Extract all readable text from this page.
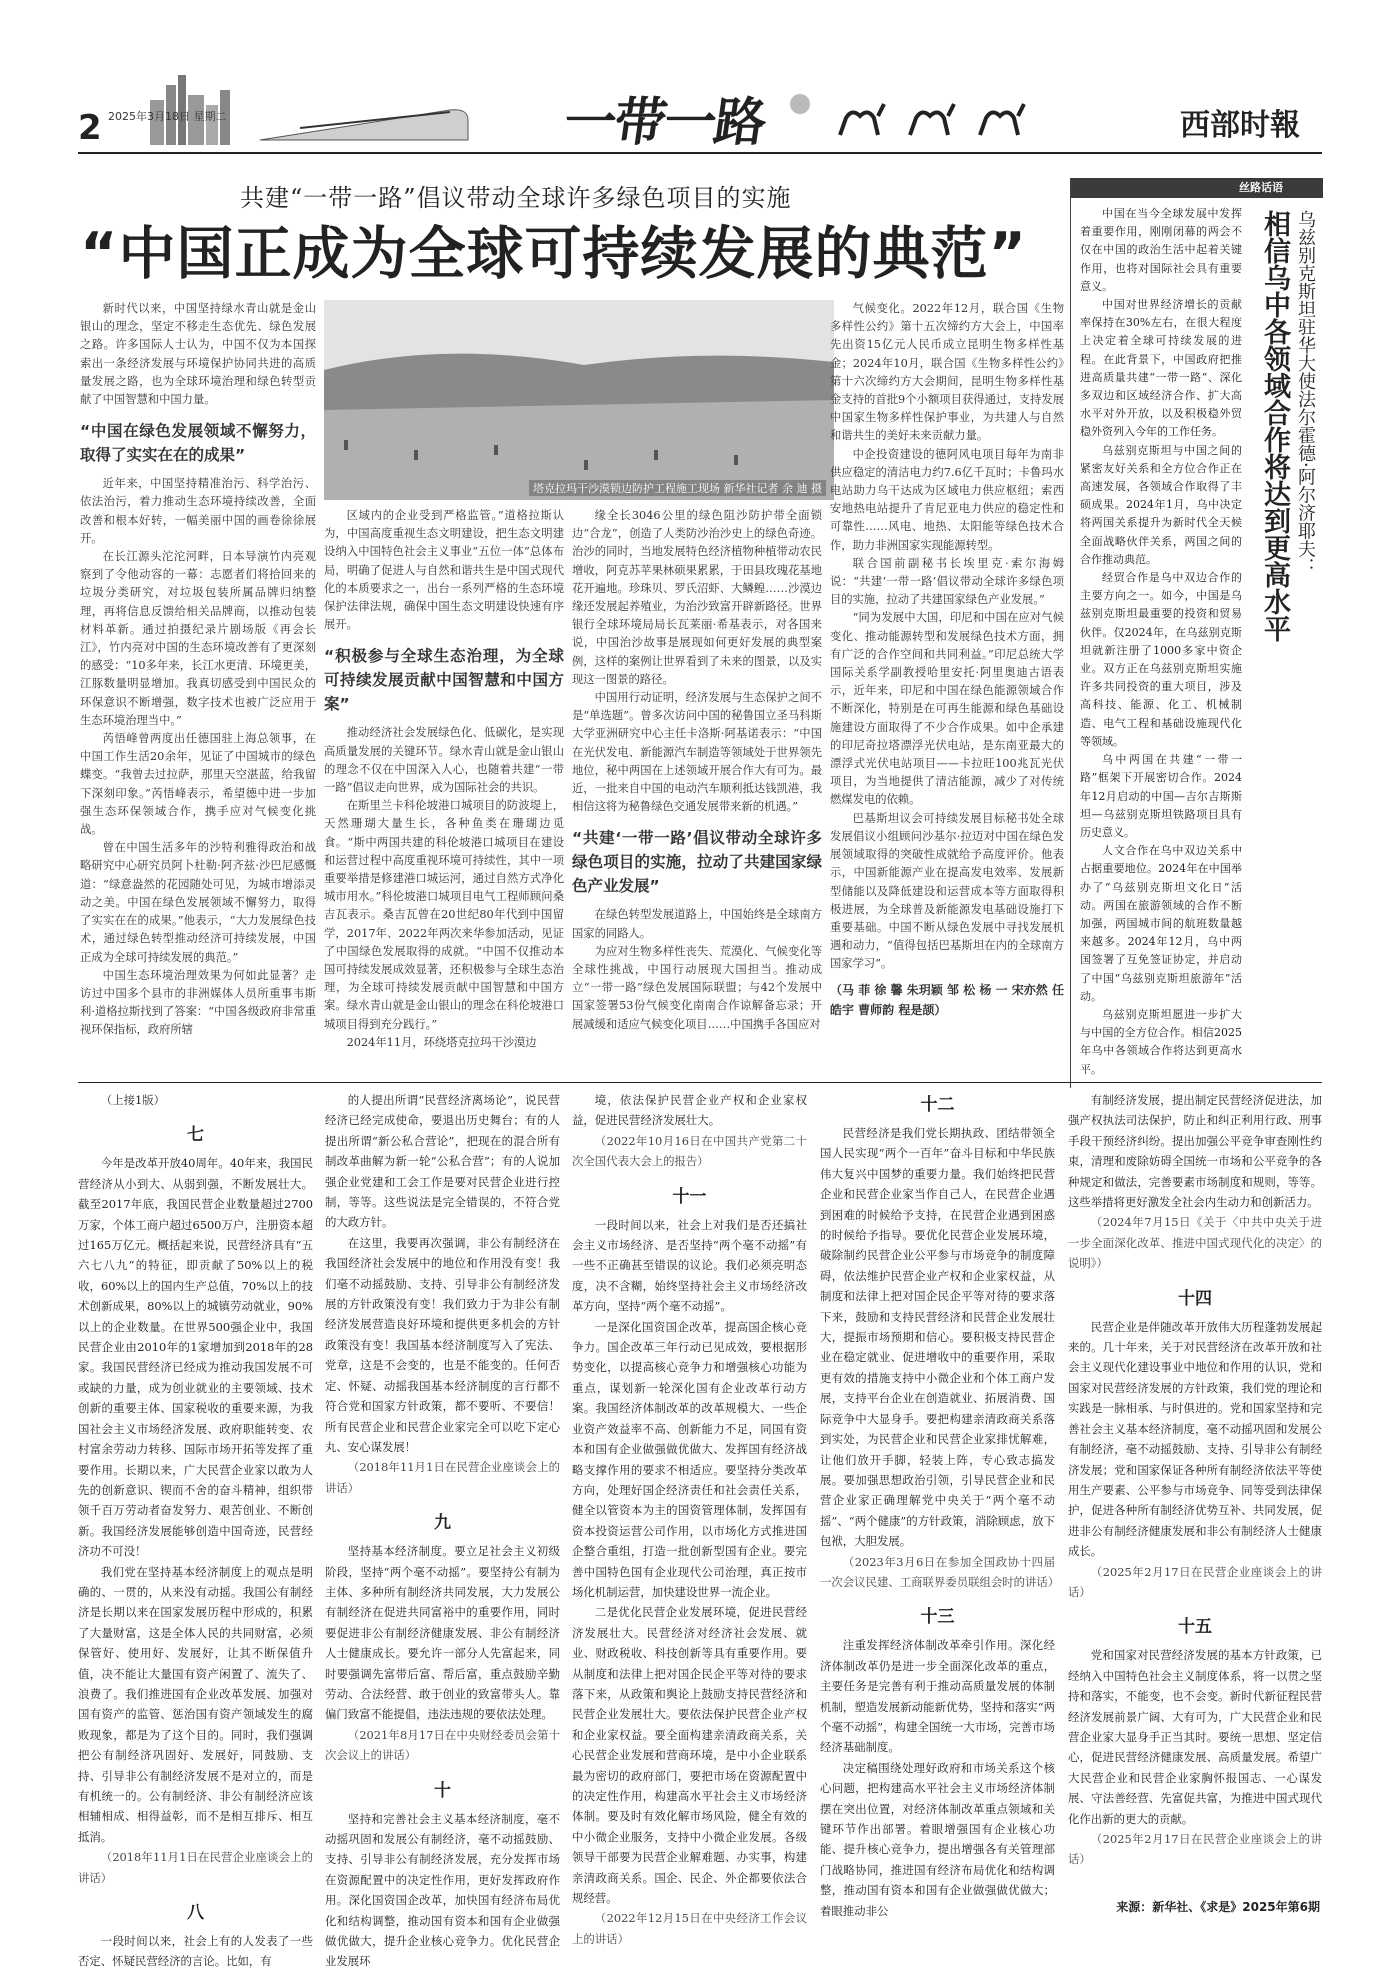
2 2025年3月18日 星期二	一带一路	西部时報
共建“一带一路”倡议带动全球许多绿色项目的实施
“中国正成为全球可持续发展的典范”
塔克拉玛干沙漠锁边防护工程施工现场 新华社记者 余 迪 摄

新时代以来，中国坚持绿水青山就是金山银山的理念，坚定不移走生态优先、绿色发展之路。许多国际人士认为，中国不仅为本国探索出一条经济发展与环境保护协同共进的高质量发展之路，也为全球环境治理和绿色转型贡献了中国智慧和中国力量。

“中国在绿色发展领域不懈努力，取得了实实在在的成果”

近年来，中国坚持精准治污、科学治污、依法治污，着力推动生态环境持续改善，全面改善和根本好转，一幅美丽中国的画卷徐徐展开。

在长江源头沱沱河畔，日本导演竹内亮观察到了令他动容的一幕：志愿者们将拾回来的垃圾分类研究，对垃圾包装所属品牌归纳整理，再将信息反馈给相关品牌商，以推动包装材料革新。通过拍摄纪录片剧场版《再会长江》，竹内亮对中国的生态环境改善有了更深刻的感受：“10多年来，长江水更清、环境更美，江豚数量明显增加。我真切感受到中国民众的环保意识不断增强，数字技术也被广泛应用于生态环境治理当中。”

芮悟峰曾两度出任德国驻上海总领事，在中国工作生活20余年，见证了中国城市的绿色蝶变。“我曾去过拉萨，那里天空湛蓝，给我留下深刻印象。”芮悟峰表示，希望德中进一步加强生态环保领域合作，携手应对气候变化挑战。

曾在中国生活多年的沙特利雅得政治和战略研究中心研究员阿卜杜勒·阿齐兹·沙巴尼感慨道：“绿意盎然的花园随处可见，为城市增添灵动之美。中国在绿色发展领域不懈努力，取得了实实在在的成果。”他表示，“大力发展绿色技术，通过绿色转型推动经济可持续发展，中国正成为全球可持续发展的典范。”

中国生态环境治理效果为何如此显著？走访过中国多个县市的非洲媒体人员所重事韦斯利·道格拉斯找到了答案：“中国各级政府非常重视环保指标，政府所辖

区域内的企业受到严格监管。”道格拉斯认为，中国高度重视生态文明建设，把生态文明建设纳入中国特色社会主义事业“五位一体”总体布局，明确了促进人与自然和谐共生是中国式现代化的本质要求之一，出台一系列严格的生态环境保护法律法规，确保中国生态文明建设快速有序展开。

“积极参与全球生态治理，为全球可持续发展贡献中国智慧和中国方案”

推动经济社会发展绿色化、低碳化，是实现高质量发展的关键环节。绿水青山就是金山银山的理念不仅在中国深入人心，也随着共建“一带一路”倡议走向世界，成为国际社会的共识。

在斯里兰卡科伦坡港口城项目的防波堤上，天然珊瑚大量生长，各种鱼类在珊瑚边觅食。“斯中两国共建的科伦坡港口城项目在建设和运营过程中高度重视环境可持续性，其中一项重要举措是修建港口城运河，通过自然方式净化城市用水。”科伦坡港口城项目电气工程师顾问桑吉瓦表示。桑吉瓦曾在20世纪80年代到中国留学，2017年、2022年两次来华参加活动，见证了中国绿色发展取得的成就。“中国不仅推动本国可持续发展成效显著，还积极参与全球生态治理，为全球可持续发展贡献中国智慧和中国方案。绿水青山就是金山银山的理念在科伦坡港口城项目得到充分践行。”

2024年11月，环绕塔克拉玛干沙漠边

缘全长3046公里的绿色阻沙防护带全面锁边“合龙”，创造了人类防沙治沙史上的绿色奇迹。治沙的同时，当地发展特色经济植物种植带动农民增收，阿克苏苹果林硕果累累，于田县玫瑰花基地花开遍地。珍珠贝、罗氏沼虾、大鳞鳇……沙漠边缘还发展起养殖业，为治沙致富开辟新路径。世界银行全球环境局局长瓦莱丽·希基表示，对各国来说，中国治沙故事是展现如何更好发展的典型案例，这样的案例让世界看到了未来的图景，以及实现这一图景的路径。

中国用行动证明，经济发展与生态保护之间不是“单选题”。曾多次访问中国的秘鲁国立圣马科斯大学亚洲研究中心主任卡洛斯·阿基诺表示：“中国在光伏发电、新能源汽车制造等领域处于世界领先地位，秘中两国在上述领域开展合作大有可为。最近，一批来自中国的电动汽车顺利抵达钱凯港，我相信这将为秘鲁绿色交通发展带来新的机遇。”

“共建‘一带一路’倡议带动全球许多绿色项目的实施，拉动了共建国家绿色产业发展”

在绿色转型发展道路上，中国始终是全球南方国家的同路人。

为应对生物多样性丧失、荒漠化、气候变化等全球性挑战，中国行动展现大国担当。推动成立“一带一路”绿色发展国际联盟；与42个发展中国家签署53份气候变化南南合作谅解备忘录；开展减缓和适应气候变化项目……中国携手各国应对

气候变化。2022年12月，联合国《生物多样性公约》第十五次缔约方大会上，中国率先出资15亿元人民币成立昆明生物多样性基金；2024年10月，联合国《生物多样性公约》第十六次缔约方大会期间，昆明生物多样性基金支持的首批9个小额项目获得通过，支持发展中国家生物多样性保护事业，为共建人与自然和谐共生的美好未来贡献力量。

中企投资建设的德阿风电项目每年为南非供应稳定的清洁电力约7.6亿千瓦时；卡鲁玛水电站助力乌干达成为区域电力供应枢纽；索西安地热电站提升了肯尼亚电力供应的稳定性和可靠性……风电、地热、太阳能等绿色技术合作，助力非洲国家实现能源转型。

联合国前副秘书长埃里克·索尔海姆说：“共建‘一带一路’倡议带动全球许多绿色项目的实施，拉动了共建国家绿色产业发展。”

“同为发展中大国，印尼和中国在应对气候变化、推动能源转型和发展绿色技术方面，拥有广泛的合作空间和共同利益。”印尼总统大学国际关系学副教授哈里安托·阿里奥迪古语表示，近年来，印尼和中国在绿色能源领域合作不断深化，特别是在可再生能源和绿色基础设施建设方面取得了不少合作成果。如中企承建的印尼奇拉塔漂浮光伏电站，是东南亚最大的漂浮式光伏电站项目——卡拉旺100兆瓦光伏项目，为当地提供了清洁能源，减少了对传统燃煤发电的依赖。

巴基斯坦议会可持续发展目标秘书处全球发展倡议小组顾问沙基尔·拉迈对中国在绿色发展领域取得的突破性成就给予高度评价。他表示，中国新能源产业在提高发电效率、发展新型储能以及降低建设和运营成本等方面取得积极进展，为全球普及新能源发电基础设施打下重要基础。中国不断从绿色发展中寻找发展机遇和动力，“值得包括巴基斯坦在内的全球南方国家学习”。

（马 菲 徐 馨 朱玥颖 邹 松 杨 一 宋亦然 任皓宇 曹师韵 程是颉）
丝路话语
乌兹别克斯坦驻华大使法尔霍德·阿尔济耶夫：
相信乌中各领域合作将达到更高水平

中国在当今全球发展中发挥着重要作用，刚刚闭幕的两会不仅在中国的政治生活中起着关键作用，也将对国际社会具有重要意义。

中国对世界经济增长的贡献率保持在30%左右，在很大程度上决定着全球可持续发展的进程。在此背景下，中国政府把推进高质量共建“一带一路”、深化多双边和区域经济合作、扩大高水平对外开放，以及积极稳外贸稳外资列入今年的工作任务。

乌兹别克斯坦与中国之间的紧密友好关系和全方位合作正在高速发展，各领域合作取得了丰硕成果。2024年1月，乌中决定将两国关系提升为新时代全天候全面战略伙伴关系，两国之间的合作推动典范。

经贸合作是乌中双边合作的主要方向之一。如今，中国是乌兹别克斯坦最重要的投资和贸易伙伴。仅2024年，在乌兹别克斯坦就新注册了1000多家中资企业。双方正在乌兹别克斯坦实施许多共同投资的重大项目，涉及高科技、能源、化工、机械制造、电气工程和基础设施现代化等领域。

乌中两国在共建“一带一路”框架下开展密切合作。2024年12月启动的中国—吉尔吉斯斯坦—乌兹别克斯坦铁路项目具有历史意义。

人文合作在乌中双边关系中占据重要地位。2024年在中国举办了“乌兹别克斯坦文化日”活动。两国在旅游领域的合作不断加强，两国城市间的航班数量越来越多。2024年12月，乌中两国签署了互免签证协定，并启动了中国“乌兹别克斯坦旅游年”活动。

乌兹别克斯坦愿进一步扩大与中国的全方位合作。相信2025年乌中各领域合作将达到更高水平。

（上接1版）

七

今年是改革开放40周年。40年来，我国民营经济从小到大、从弱到强，不断发展壮大。截至2017年底，我国民营企业数量超过2700万家，个体工商户超过6500万户，注册资本超过165万亿元。概括起来说，民营经济具有“五六七八九”的特征，即贡献了50%以上的税收，60%以上的国内生产总值，70%以上的技术创新成果，80%以上的城镇劳动就业，90%以上的企业数量。在世界500强企业中，我国民营企业由2010年的1家增加到2018年的28家。我国民营经济已经成为推动我国发展不可或缺的力量，成为创业就业的主要领域、技术创新的重要主体、国家税收的重要来源，为我国社会主义市场经济发展、政府职能转变、农村富余劳动力转移、国际市场开拓等发挥了重要作用。长期以来，广大民营企业家以敢为人先的创新意识、锲而不舍的奋斗精神，组织带领千百万劳动者奋发努力、艰苦创业、不断创新。我国经济发展能够创造中国奇迹，民营经济功不可没！

我们党在坚持基本经济制度上的观点是明确的、一贯的，从来没有动摇。我国公有制经济是长期以来在国家发展历程中形成的，积累了大量财富，这是全体人民的共同财富，必须保管好、使用好、发展好，让其不断保值升值，决不能让大量国有资产闲置了、流失了、浪费了。我们推进国有企业改革发展、加强对国有资产的监管、惩治国有资产领域发生的腐败现象，都是为了这个目的。同时，我们强调把公有制经济巩固好、发展好，同鼓励、支持、引导非公有制经济发展不是对立的，而是有机统一的。公有制经济、非公有制经济应该相辅相成、相得益彰，而不是相互排斥、相互抵消。

（2018年11月1日在民营企业座谈会上的讲话）

八

一段时间以来，社会上有的人发表了一些否定、怀疑民营经济的言论。比如，有

的人提出所谓“民营经济离场论”，说民营经济已经完成使命，要退出历史舞台；有的人提出所谓“新公私合营论”，把现在的混合所有制改革曲解为新一轮“公私合营”；有的人说加强企业党建和工会工作是要对民营企业进行控制，等等。这些说法是完全错误的，不符合党的大政方针。

在这里，我要再次强调，非公有制经济在我国经济社会发展中的地位和作用没有变！我们毫不动摇鼓励、支持、引导非公有制经济发展的方针政策没有变！我们致力于为非公有制经济发展营造良好环境和提供更多机会的方针政策没有变！我国基本经济制度写入了宪法、党章，这是不会变的，也是不能变的。任何否定、怀疑、动摇我国基本经济制度的言行都不符合党和国家方针政策，都不要听、不要信！所有民营企业和民营企业家完全可以吃下定心丸、安心谋发展！

（2018年11月1日在民营企业座谈会上的讲话）

九

坚持基本经济制度。要立足社会主义初级阶段，坚持“两个毫不动摇”。要坚持公有制为主体、多种所有制经济共同发展，大力发展公有制经济在促进共同富裕中的重要作用，同时要促进非公有制经济健康发展、非公有制经济人士健康成长。要允许一部分人先富起来，同时要强调先富带后富、帮后富，重点鼓励辛勤劳动、合法经营、敢于创业的致富带头人。靠偏门致富不能提倡，违法违规的要依法处理。

（2021年8月17日在中央财经委员会第十次会议上的讲话）

十

坚持和完善社会主义基本经济制度，毫不动摇巩固和发展公有制经济，毫不动摇鼓励、支持、引导非公有制经济发展，充分发挥市场在资源配置中的决定性作用，更好发挥政府作用。深化国资国企改革，加快国有经济布局优化和结构调整，推动国有资本和国有企业做强做优做大，提升企业核心竞争力。优化民营企业发展环

境，依法保护民营企业产权和企业家权益，促进民营经济发展壮大。

（2022年10月16日在中国共产党第二十次全国代表大会上的报告）

十一

一段时间以来，社会上对我们是否还搞社会主义市场经济、是否坚持“两个毫不动摇”有一些不正确甚至错误的议论。我们必须亮明态度，决不含糊，始终坚持社会主义市场经济改革方向，坚持“两个毫不动摇”。

一是深化国资国企改革，提高国企核心竞争力。国企改革三年行动已见成效，要根据形势变化，以提高核心竞争力和增强核心功能为重点，谋划新一轮深化国有企业改革行动方案。我国经济体制改革的改革规模大、一些企业资产效益率不高、创新能力不足，同国有资本和国有企业做强做优做大、发挥国有经济战略支撑作用的要求不相适应。要坚持分类改革方向，处理好国企经济责任和社会责任关系，健全以管资本为主的国资管理体制，发挥国有资本投资运营公司作用，以市场化方式推进国企整合重组，打造一批创新型国有企业。要完善中国特色国有企业现代公司治理，真正按市场化机制运营，加快建设世界一流企业。

二是优化民营企业发展环境，促进民营经济发展壮大。民营经济对经济社会发展、就业、财政税收、科技创新等具有重要作用。要从制度和法律上把对国企民企平等对待的要求落下来，从政策和舆论上鼓励支持民营经济和民营企业发展壮大。要依法保护民营企业产权和企业家权益。要全面构建亲清政商关系，关心民营企业发展和营商环境，是中小企业联系最为密切的政府部门，要把市场在资源配置中的决定性作用，构建高水平社会主义市场经济体制。要及时有效化解市场风险，健全有效的中小微企业服务，支持中小微企业发展。各级领导干部要为民营企业解难题、办实事，构建亲清政商关系。国企、民企、外企都要依法合规经营。

（2022年12月15日在中央经济工作会议上的讲话）

十二

民营经济是我们党长期执政、团结带领全国人民实现“两个一百年”奋斗目标和中华民族伟大复兴中国梦的重要力量。我们始终把民营企业和民营企业家当作自己人，在民营企业遇到困难的时候给予支持，在民营企业遇到困惑的时候给予指导。要优化民营企业发展环境，破除制约民营企业公平参与市场竞争的制度障碍，依法维护民营企业产权和企业家权益，从制度和法律上把对国企民企平等对待的要求落下来，鼓励和支持民营经济和民营企业发展壮大，提振市场预期和信心。要积极支持民营企业在稳定就业、促进增收中的重要作用，采取更有效的措施支持中小微企业和个体工商户发展，支持平台企业在创造就业、拓展消费、国际竞争中大显身手。要把构建亲清政商关系落到实处，为民营企业和民营企业家排忧解难，让他们放开手脚，轻装上阵，专心致志搞发展。要加强思想政治引领，引导民营企业和民营企业家正确理解党中央关于“两个毫不动摇”、“两个健康”的方针政策，消除顾虑，放下包袱，大胆发展。

（2023年3月6日在参加全国政协十四届一次会议民建、工商联界委员联组会时的讲话）

十三

注重发挥经济体制改革牵引作用。深化经济体制改革仍是进一步全面深化改革的重点，主要任务是完善有利于推动高质量发展的体制机制，塑造发展新动能新优势，坚持和落实“两个毫不动摇”，构建全国统一大市场，完善市场经济基础制度。

决定稿围绕处理好政府和市场关系这个核心问题，把构建高水平社会主义市场经济体制摆在突出位置，对经济体制改革重点领域和关键环节作出部署。着眼增强国有企业核心功能、提升核心竞争力，提出增强各有关管理部门战略协同，推进国有经济布局优化和结构调整，推动国有资本和国有企业做强做优做大；着眼推动非公

有制经济发展，提出制定民营经济促进法，加强产权执法司法保护，防止和纠正利用行政、刑事手段干预经济纠纷。提出加强公平竞争审查刚性约束，清理和废除妨碍全国统一市场和公平竞争的各种规定和做法，完善要素市场制度和规则，等等。这些举措将更好激发全社会内生动力和创新活力。

（2024年7月15日《关于〈中共中央关于进一步全面深化改革、推进中国式现代化的决定〉的说明》）

十四

民营企业是伴随改革开放伟大历程蓬勃发展起来的。几十年来，关于对民营经济在改革开放和社会主义现代化建设事业中地位和作用的认识，党和国家对民营经济发展的方针政策，我们党的理论和实践是一脉相承、与时俱进的。党和国家坚持和完善社会主义基本经济制度，毫不动摇巩固和发展公有制经济，毫不动摇鼓励、支持、引导非公有制经济发展；党和国家保证各种所有制经济依法平等使用生产要素、公平参与市场竞争、同等受到法律保护，促进各种所有制经济优势互补、共同发展，促进非公有制经济健康发展和非公有制经济人士健康成长。

（2025年2月17日在民营企业座谈会上的讲话）

十五

党和国家对民营经济发展的基本方针政策，已经纳入中国特色社会主义制度体系，将一以贯之坚持和落实，不能变，也不会变。新时代新征程民营经济发展前景广阔、大有可为，广大民营企业和民营企业家大显身手正当其时。要统一思想、坚定信心，促进民营经济健康发展、高质量发展。希望广大民营企业和民营企业家胸怀报国志、一心谋发展、守法善经营、先富促共富，为推进中国式现代化作出新的更大的贡献。

（2025年2月17日在民营企业座谈会上的讲话）

来源：新华社、《求是》2025年第6期
